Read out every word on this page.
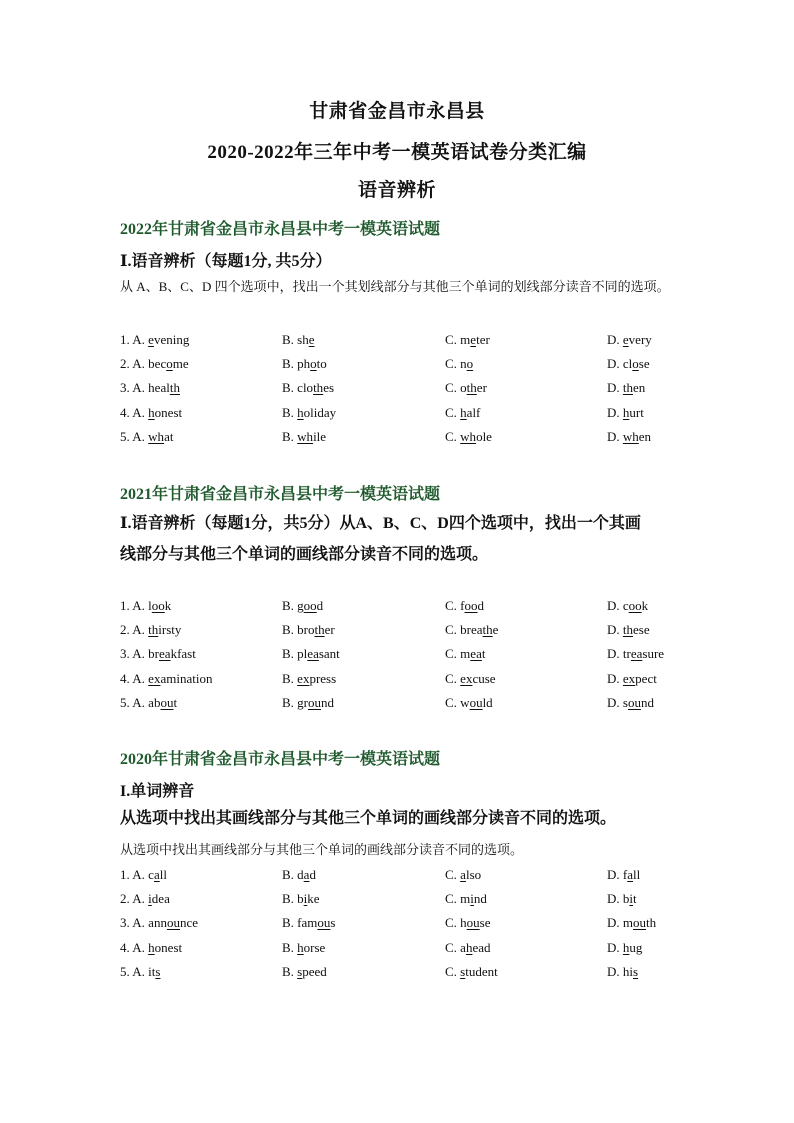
甘肃省金昌市永昌县
2020-2022年三年中考一模英语试卷分类汇编
语音辨析
2022年甘肃省金昌市永昌县中考一模英语试题
Ⅰ.语音辨析（每题1分, 共5分）
从 A、B、C、D 四个选项中，找出一个其划线部分与其他三个单词的划线部分读音不同的选项。
1. A. evening	B. she	C. meter	D. every
2. A. become	B. photo	C. no	D. close
3. A. health	B. clothes	C. other	D. then
4. A. honest	B. holiday	C. half	D. hurt
5. A. what	B. while	C. whole	D. when
2021年甘肃省金昌市永昌县中考一模英语试题
Ⅰ.语音辨析（每题1分，共5分）从A、B、C、D四个选项中，找出一个其画
线部分与其他三个单词的画线部分读音不同的选项。
1. A. look	B. good	C. food	D. cook
2. A. thirsty	B. brother	C. breathe	D. these
3. A. breakfast	B. pleasant	C. meat	D. treasure
4. A. examination	B. express	C. excuse	D. expect
5. A. about	B. ground	C. would	D. sound
2020年甘肃省金昌市永昌县中考一模英语试题
I.单词辨音
从选项中找出其画线部分与其他三个单词的画线部分读音不同的选项。
从选项中找出其画线部分与其他三个单词的画线部分读音不同的选项。
1. A. call	B. dad	C. also	D. fall
2. A. idea	B. bike	C. mind	D. bit
3. A. announce	B. famous	C. house	D. mouth
4. A. honest	B. horse	C. ahead	D. hug
5. A. its	B. speed	C. student	D. his
